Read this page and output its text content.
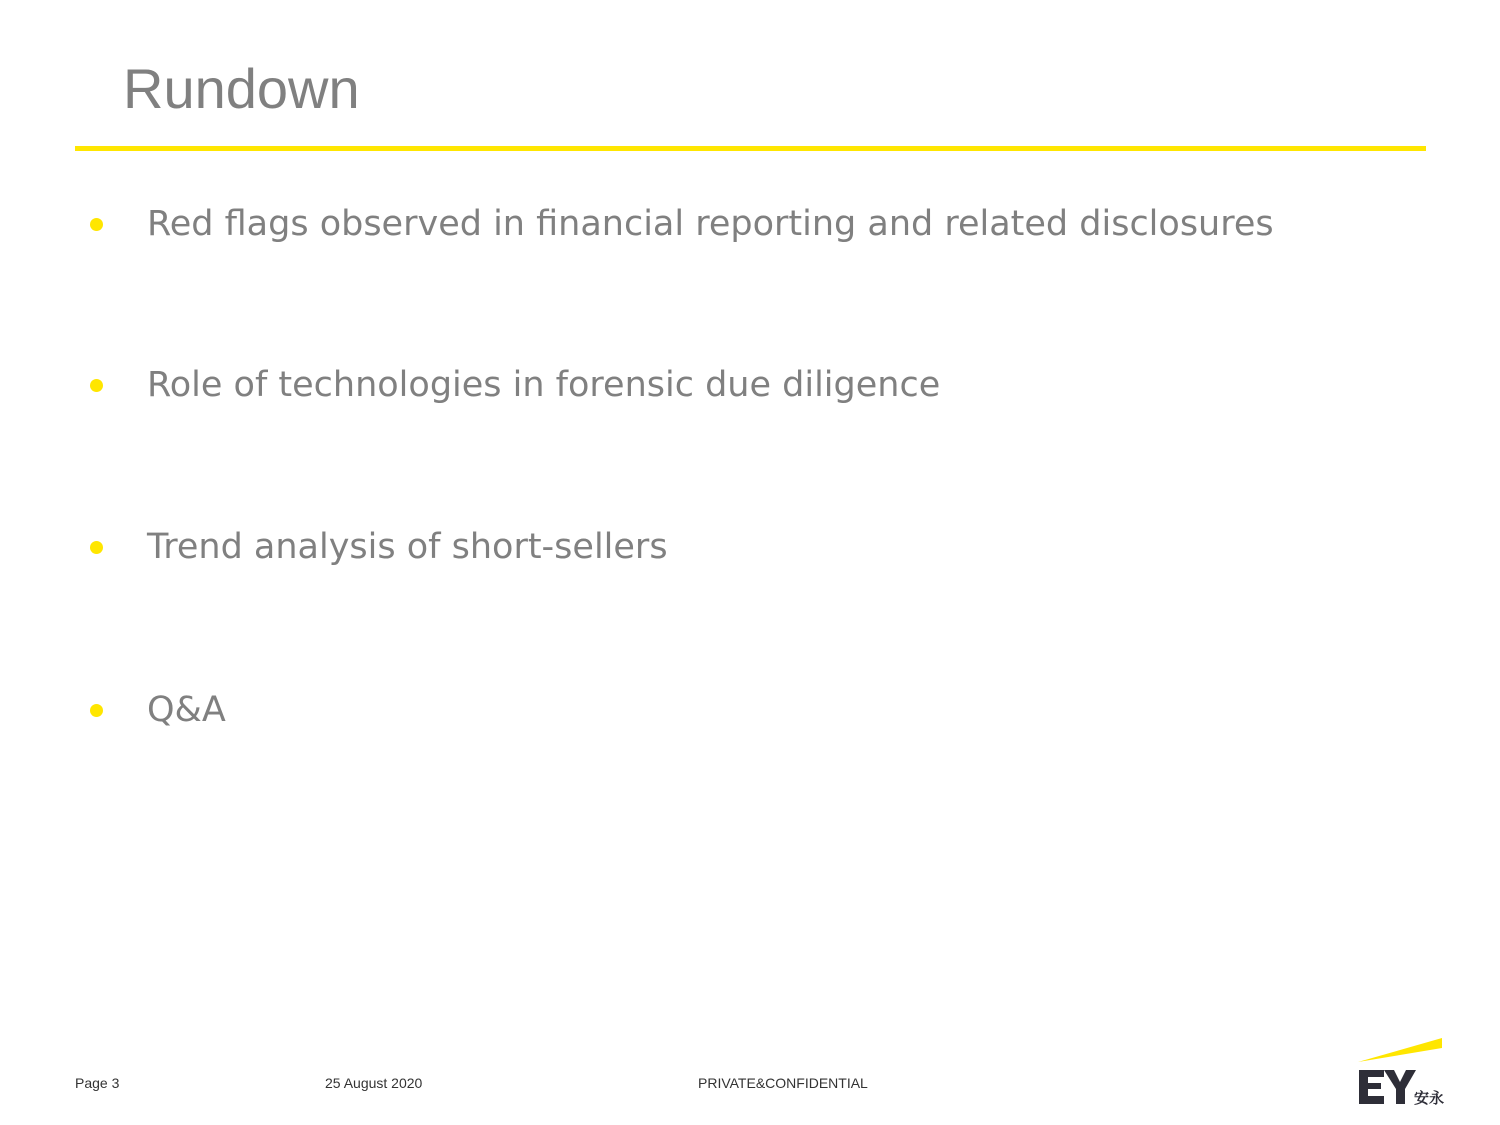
Rundown
Red flags observed in financial reporting and related disclosures
Role of technologies in forensic due diligence
Trend analysis of short-sellers
Q&A
Page 3	25 August 2020	PRIVATE&CONFIDENTIAL
安永
